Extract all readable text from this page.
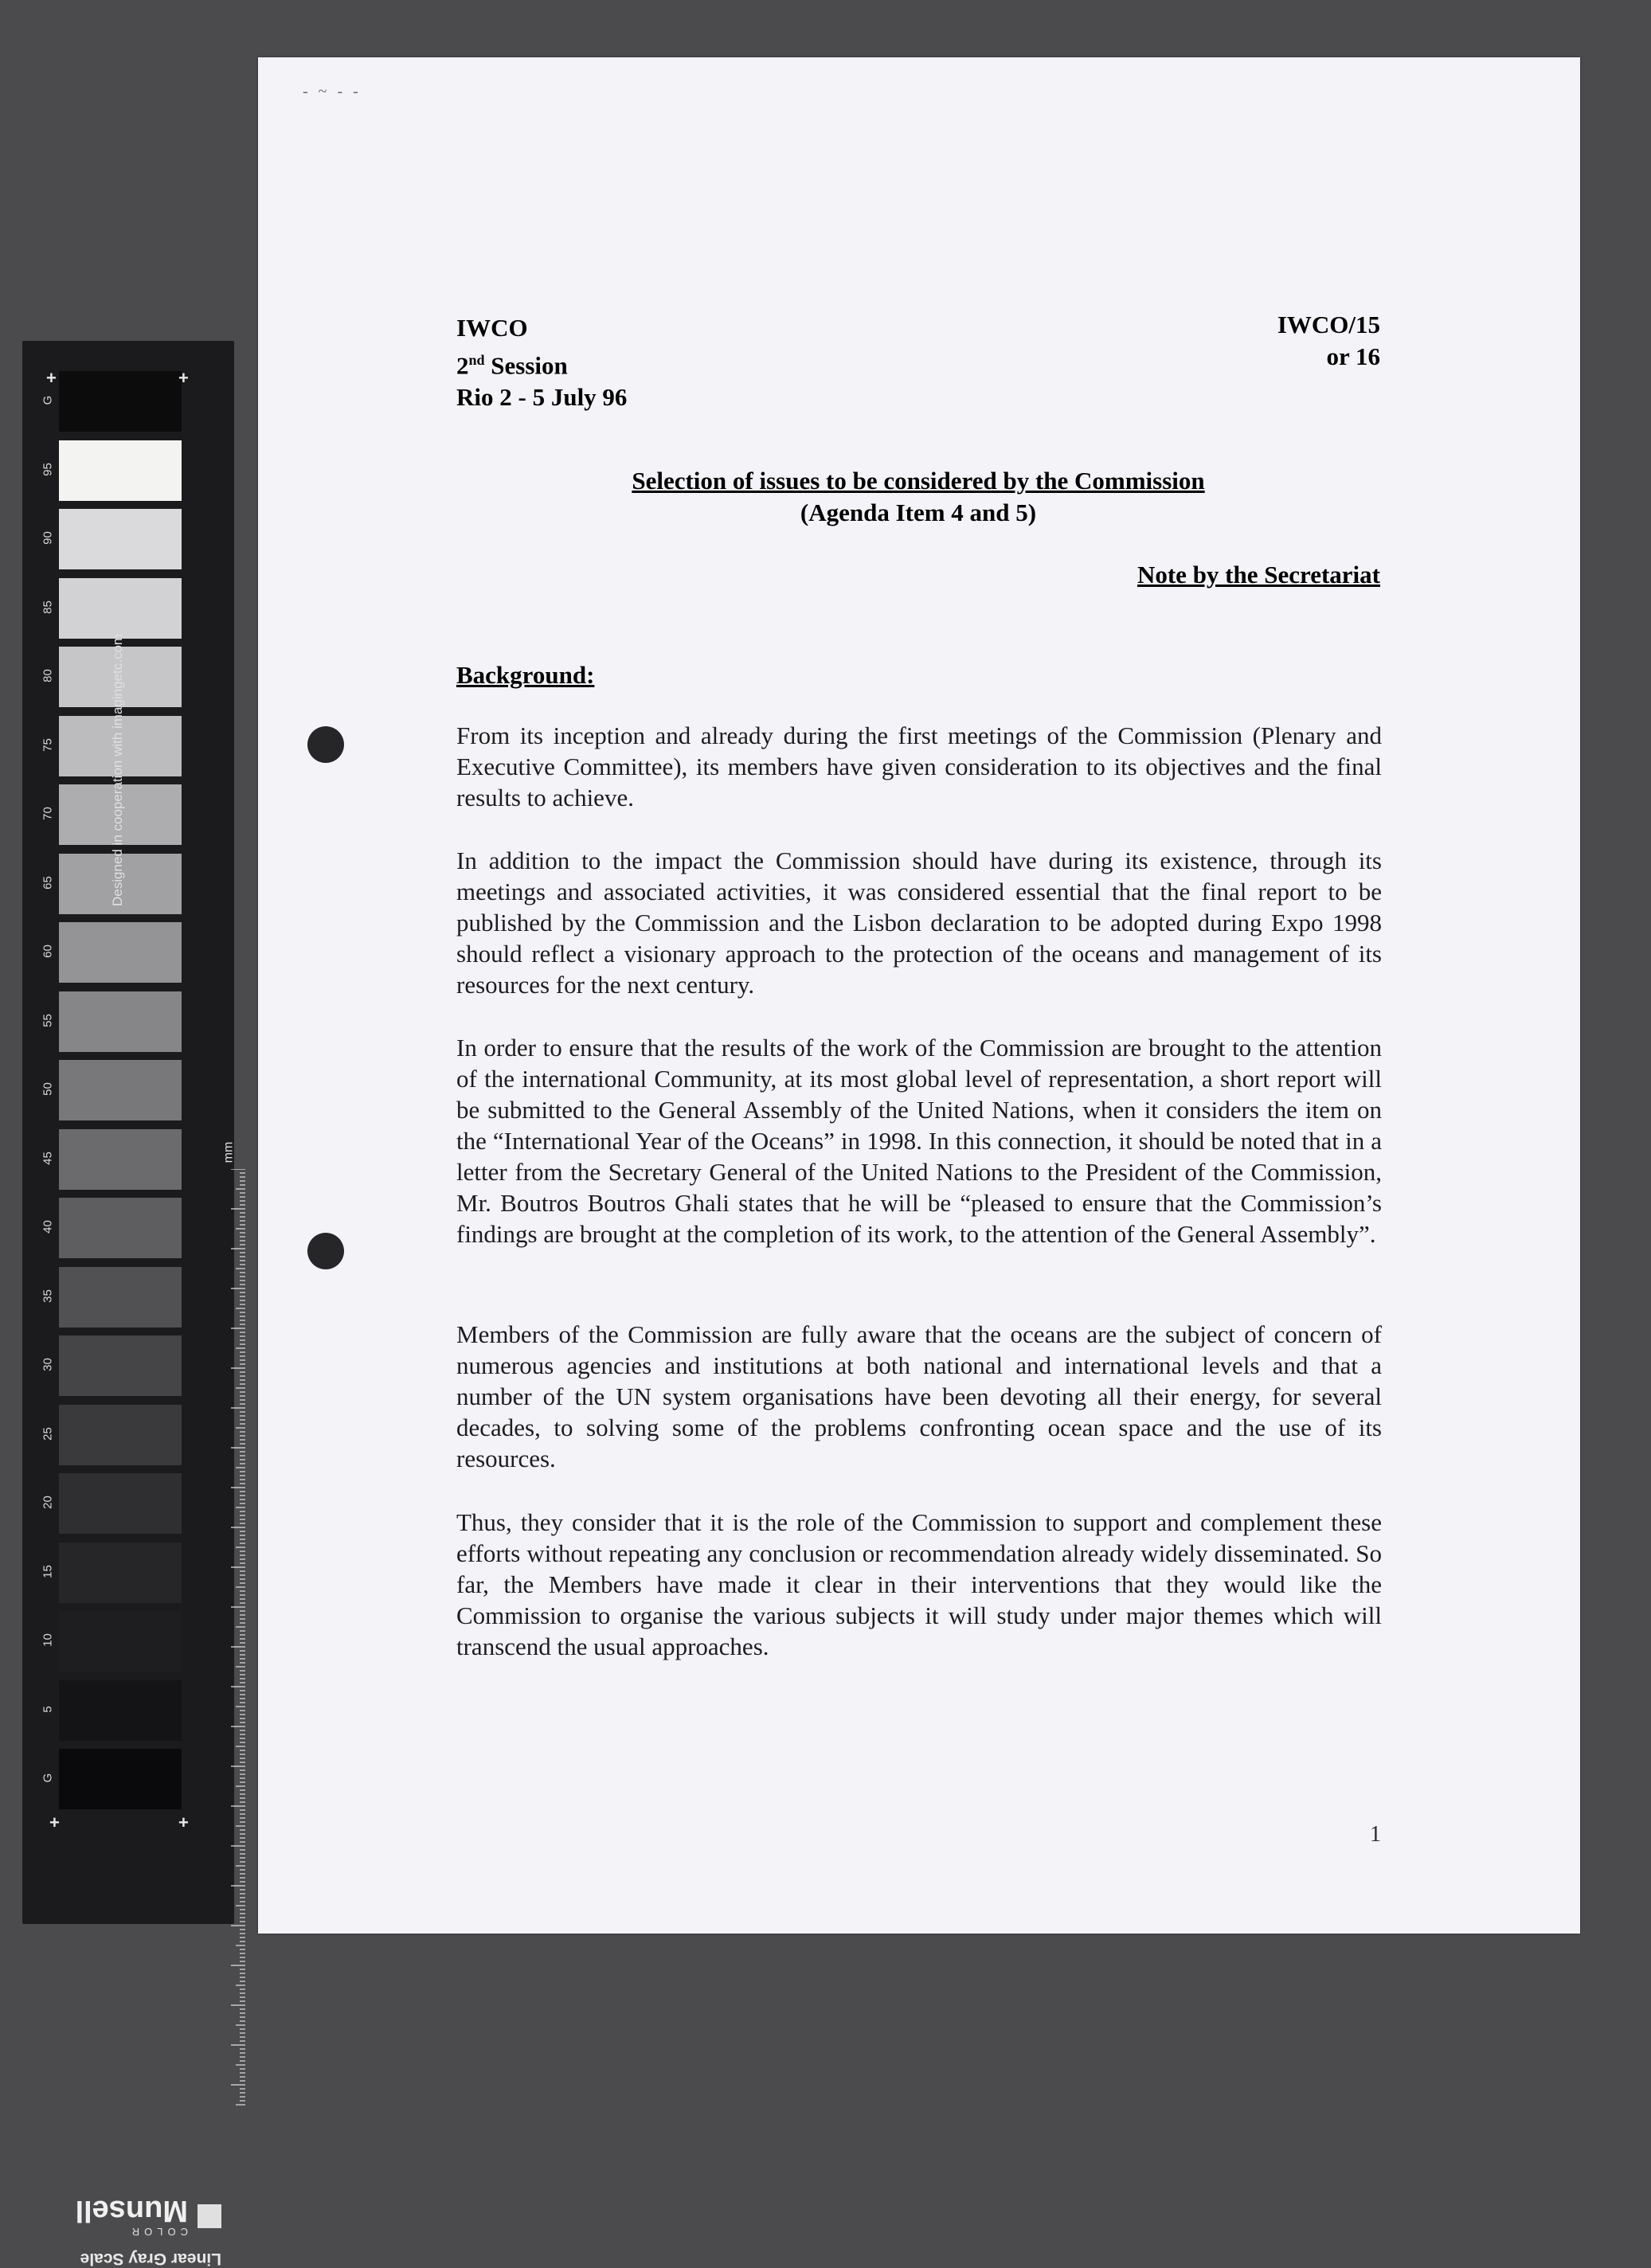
G
95
90
85
80
75
70
65
60
55
50
45
40
35
30
25
20
15
10
5
G
+	+
+	+
Designed in cooperation with imagingetc.com
mm
Linear Gray Scale

COLOR
Munsell
‐ ~ ‐ ‐
IWCO
2nd Session
Rio 2 - 5 July 96
IWCO/15
or 16
Selection of issues to be considered by the Commission
(Agenda Item 4 and 5)
Note by the Secretariat
Background:
From its inception and already during the first meetings of the Commission (Plenary and Executive Committee), its members have given consideration to its objectives and the final results to achieve.
In addition to the impact the Commission should have during its existence, through its meetings and associated activities, it was considered essential that the final report to be published by the Commission and the Lisbon declaration to be adopted during Expo 1998 should reflect a visionary approach to the protection of the oceans and management of its resources for the next century.
In order to ensure that the results of the work of the Commission are brought to the attention of the international Community, at its most global level of representation, a short report will be submitted to the General Assembly of the United Nations, when it considers the item on the “International Year of the Oceans” in 1998. In this connection, it should be noted that in a letter from the Secretary General of the United Nations to the President of the Commission, Mr. Boutros Boutros Ghali states that he will be “pleased to ensure that the Commission’s findings are brought at the completion of its work, to the attention of the General Assembly”.
Members of the Commission are fully aware that the oceans are the subject of concern of numerous agencies and institutions at both national and international levels and that a number of the UN system organisations have been devoting all their energy, for several decades, to solving some of the problems confronting ocean space and the use of its resources.
Thus, they consider that it is the role of the Commission to support and complement these efforts without repeating any conclusion or recommendation already widely disseminated. So far, the Members have made it clear in their interventions that they would like the Commission to organise the various subjects it will study under major themes which will transcend the usual approaches.
1
